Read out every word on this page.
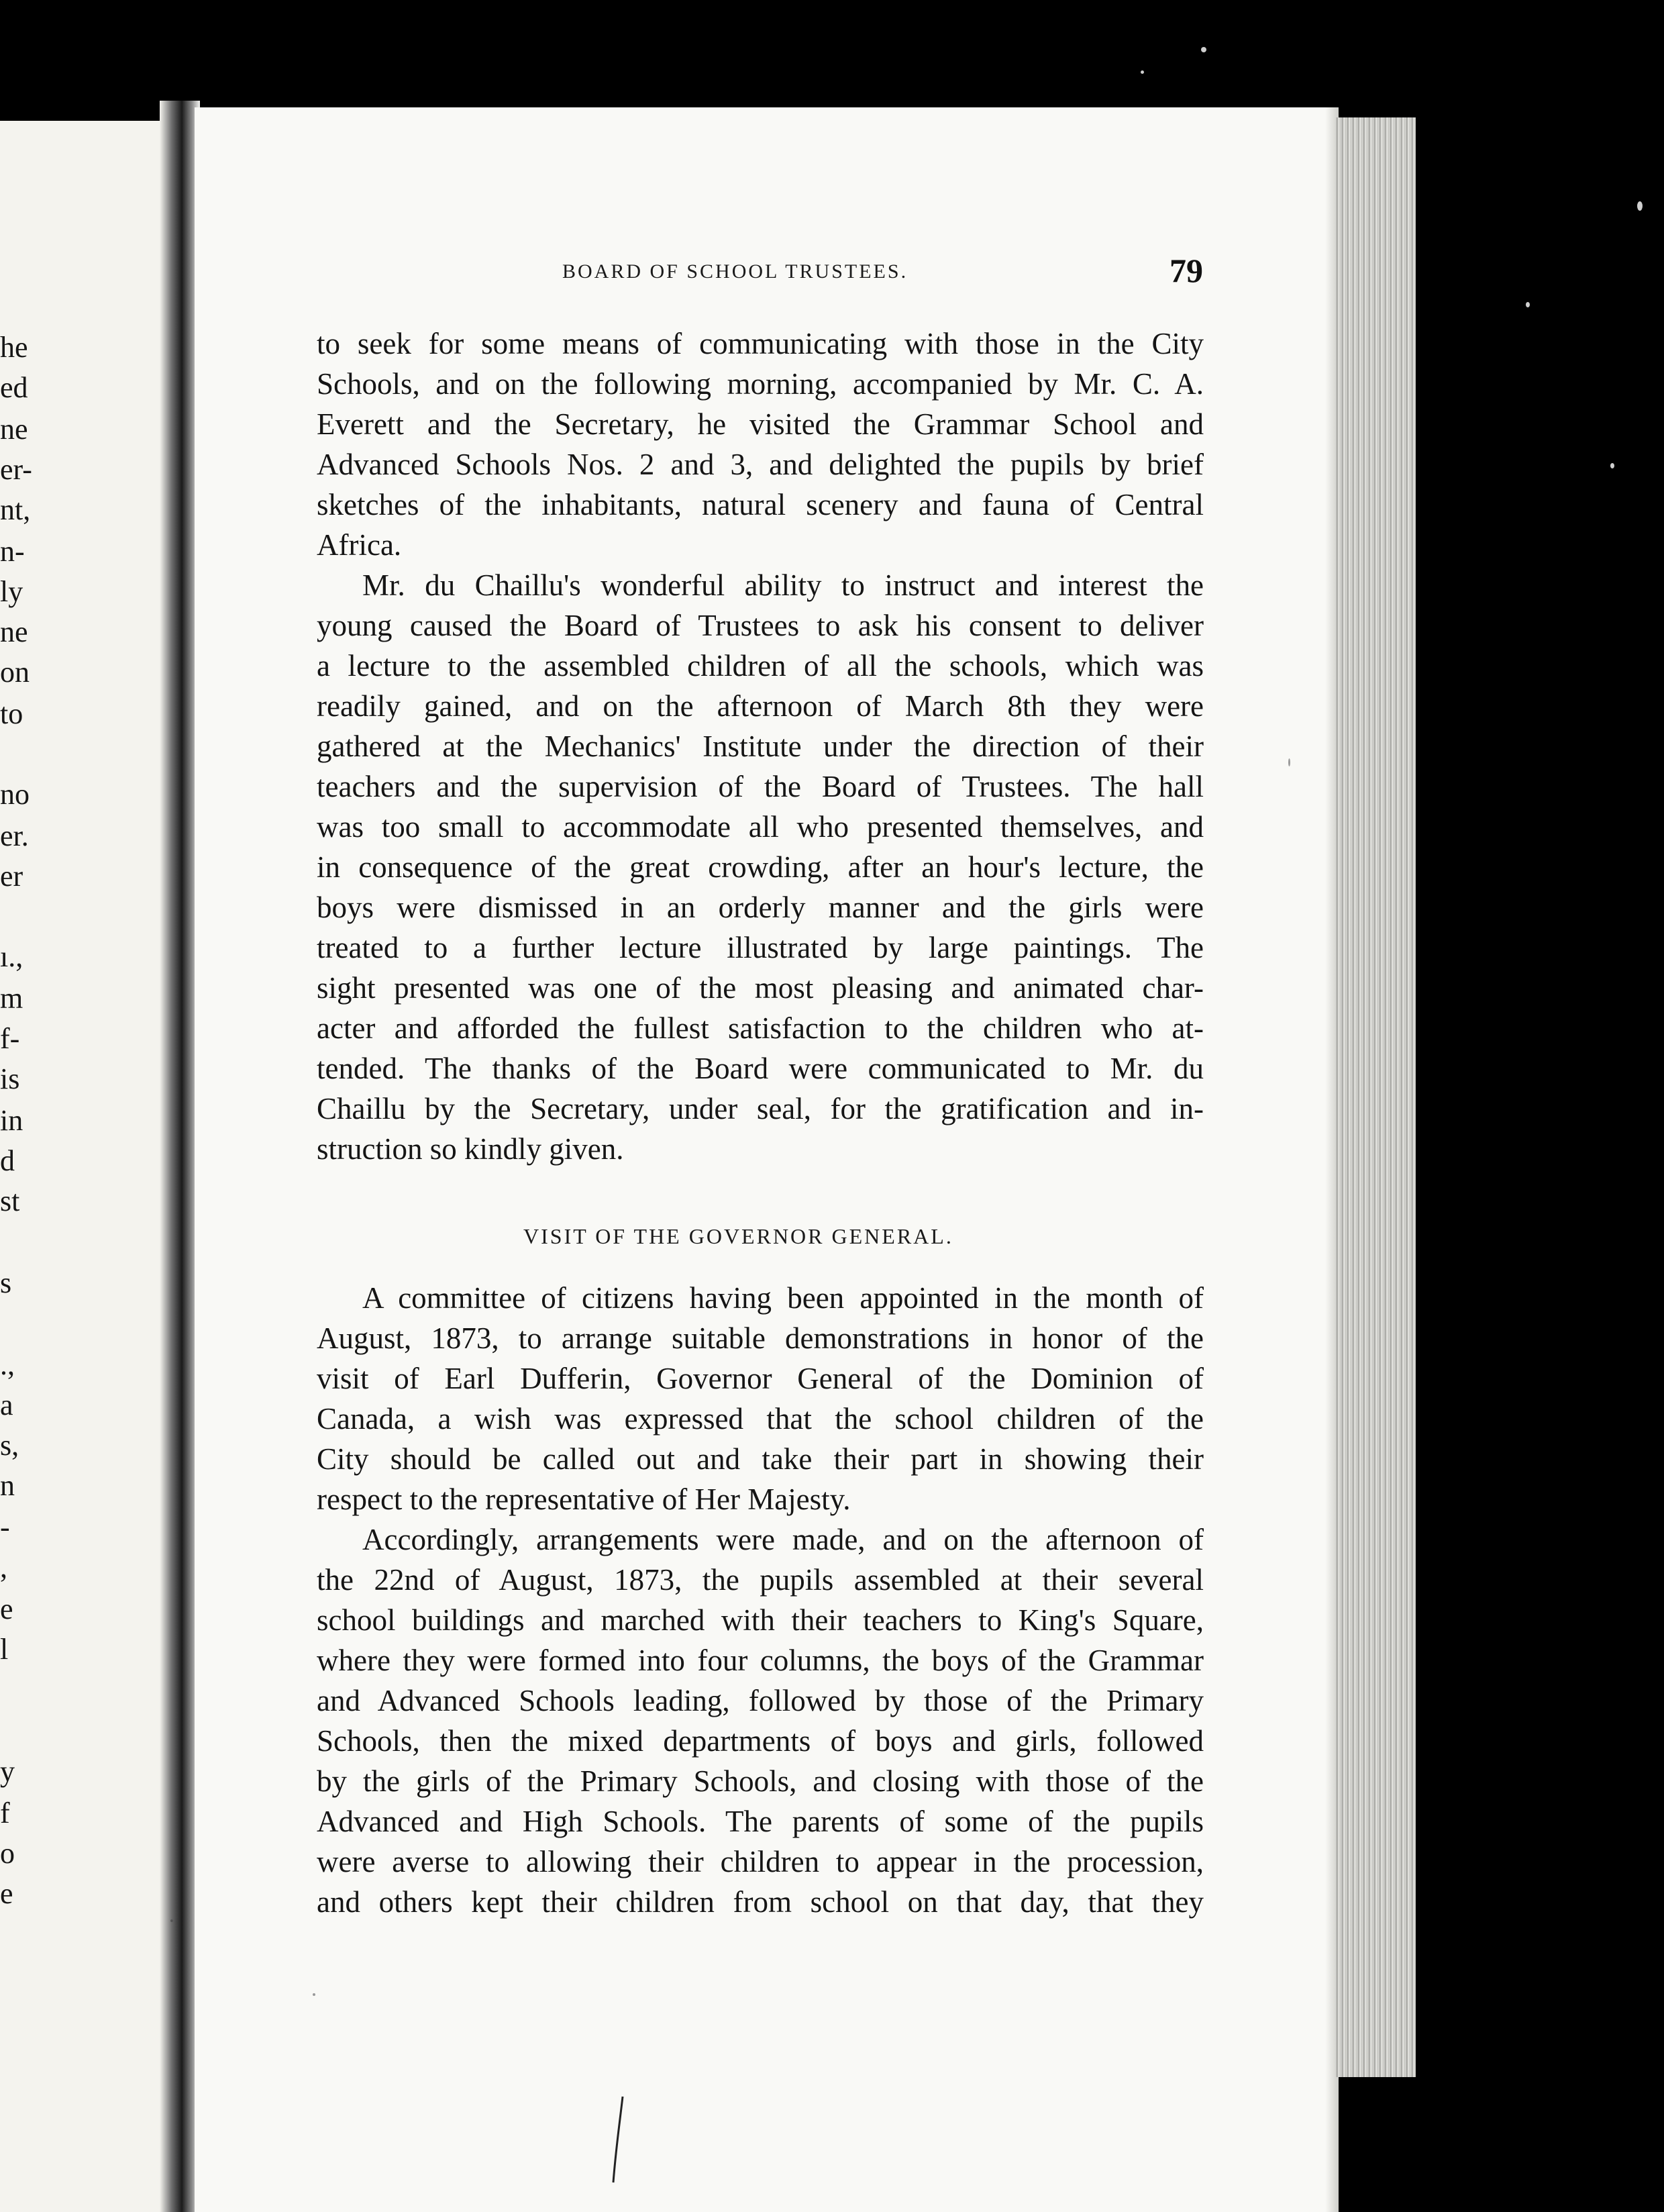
he
ed
ne
er-
nt,
n-
ly
ne
on
to
no
er.
er
ı.,
m
f-
is
in
d
st
s
.,
a
s,
n
-
,
e
l
y
f
o
e
BOARD OF SCHOOL TRUSTEES.	79
to seek for some means of communicating with those in the City
Schools, and on the following morning, accompanied by Mr. C. A.
Everett and the Secretary, he visited the Grammar School and
Advanced Schools Nos. 2 and 3, and delighted the pupils by brief
sketches of the inhabitants, natural scenery and fauna of Central
Africa.
Mr. du Chaillu's wonderful ability to instruct and interest the
young caused the Board of Trustees to ask his consent to deliver
a lecture to the assembled children of all the schools, which was
readily gained, and on the afternoon of March 8th they were
gathered at the Mechanics' Institute under the direction of their
teachers and the supervision of the Board of Trustees. The hall
was too small to accommodate all who presented themselves, and
in consequence of the great crowding, after an hour's lecture, the
boys were dismissed in an orderly manner and the girls were
treated to a further lecture illustrated by large paintings. The
sight presented was one of the most pleasing and animated char-
acter and afforded the fullest satisfaction to the children who at-
tended. The thanks of the Board were communicated to Mr. du
Chaillu by the Secretary, under seal, for the gratification and in-
struction so kindly given.
VISIT OF THE GOVERNOR GENERAL.
A committee of citizens having been appointed in the month of
August, 1873, to arrange suitable demonstrations in honor of the
visit of Earl Dufferin, Governor General of the Dominion of
Canada, a wish was expressed that the school children of the
City should be called out and take their part in showing their
respect to the representative of Her Majesty.
Accordingly, arrangements were made, and on the afternoon of
the 22nd of August, 1873, the pupils assembled at their several
school buildings and marched with their teachers to King's Square,
where they were formed into four columns, the boys of the Grammar
and Advanced Schools leading, followed by those of the Primary
Schools, then the mixed departments of boys and girls, followed
by the girls of the Primary Schools, and closing with those of the
Advanced and High Schools. The parents of some of the pupils
were averse to allowing their children to appear in the procession,
and others kept their children from school on that day, that they
